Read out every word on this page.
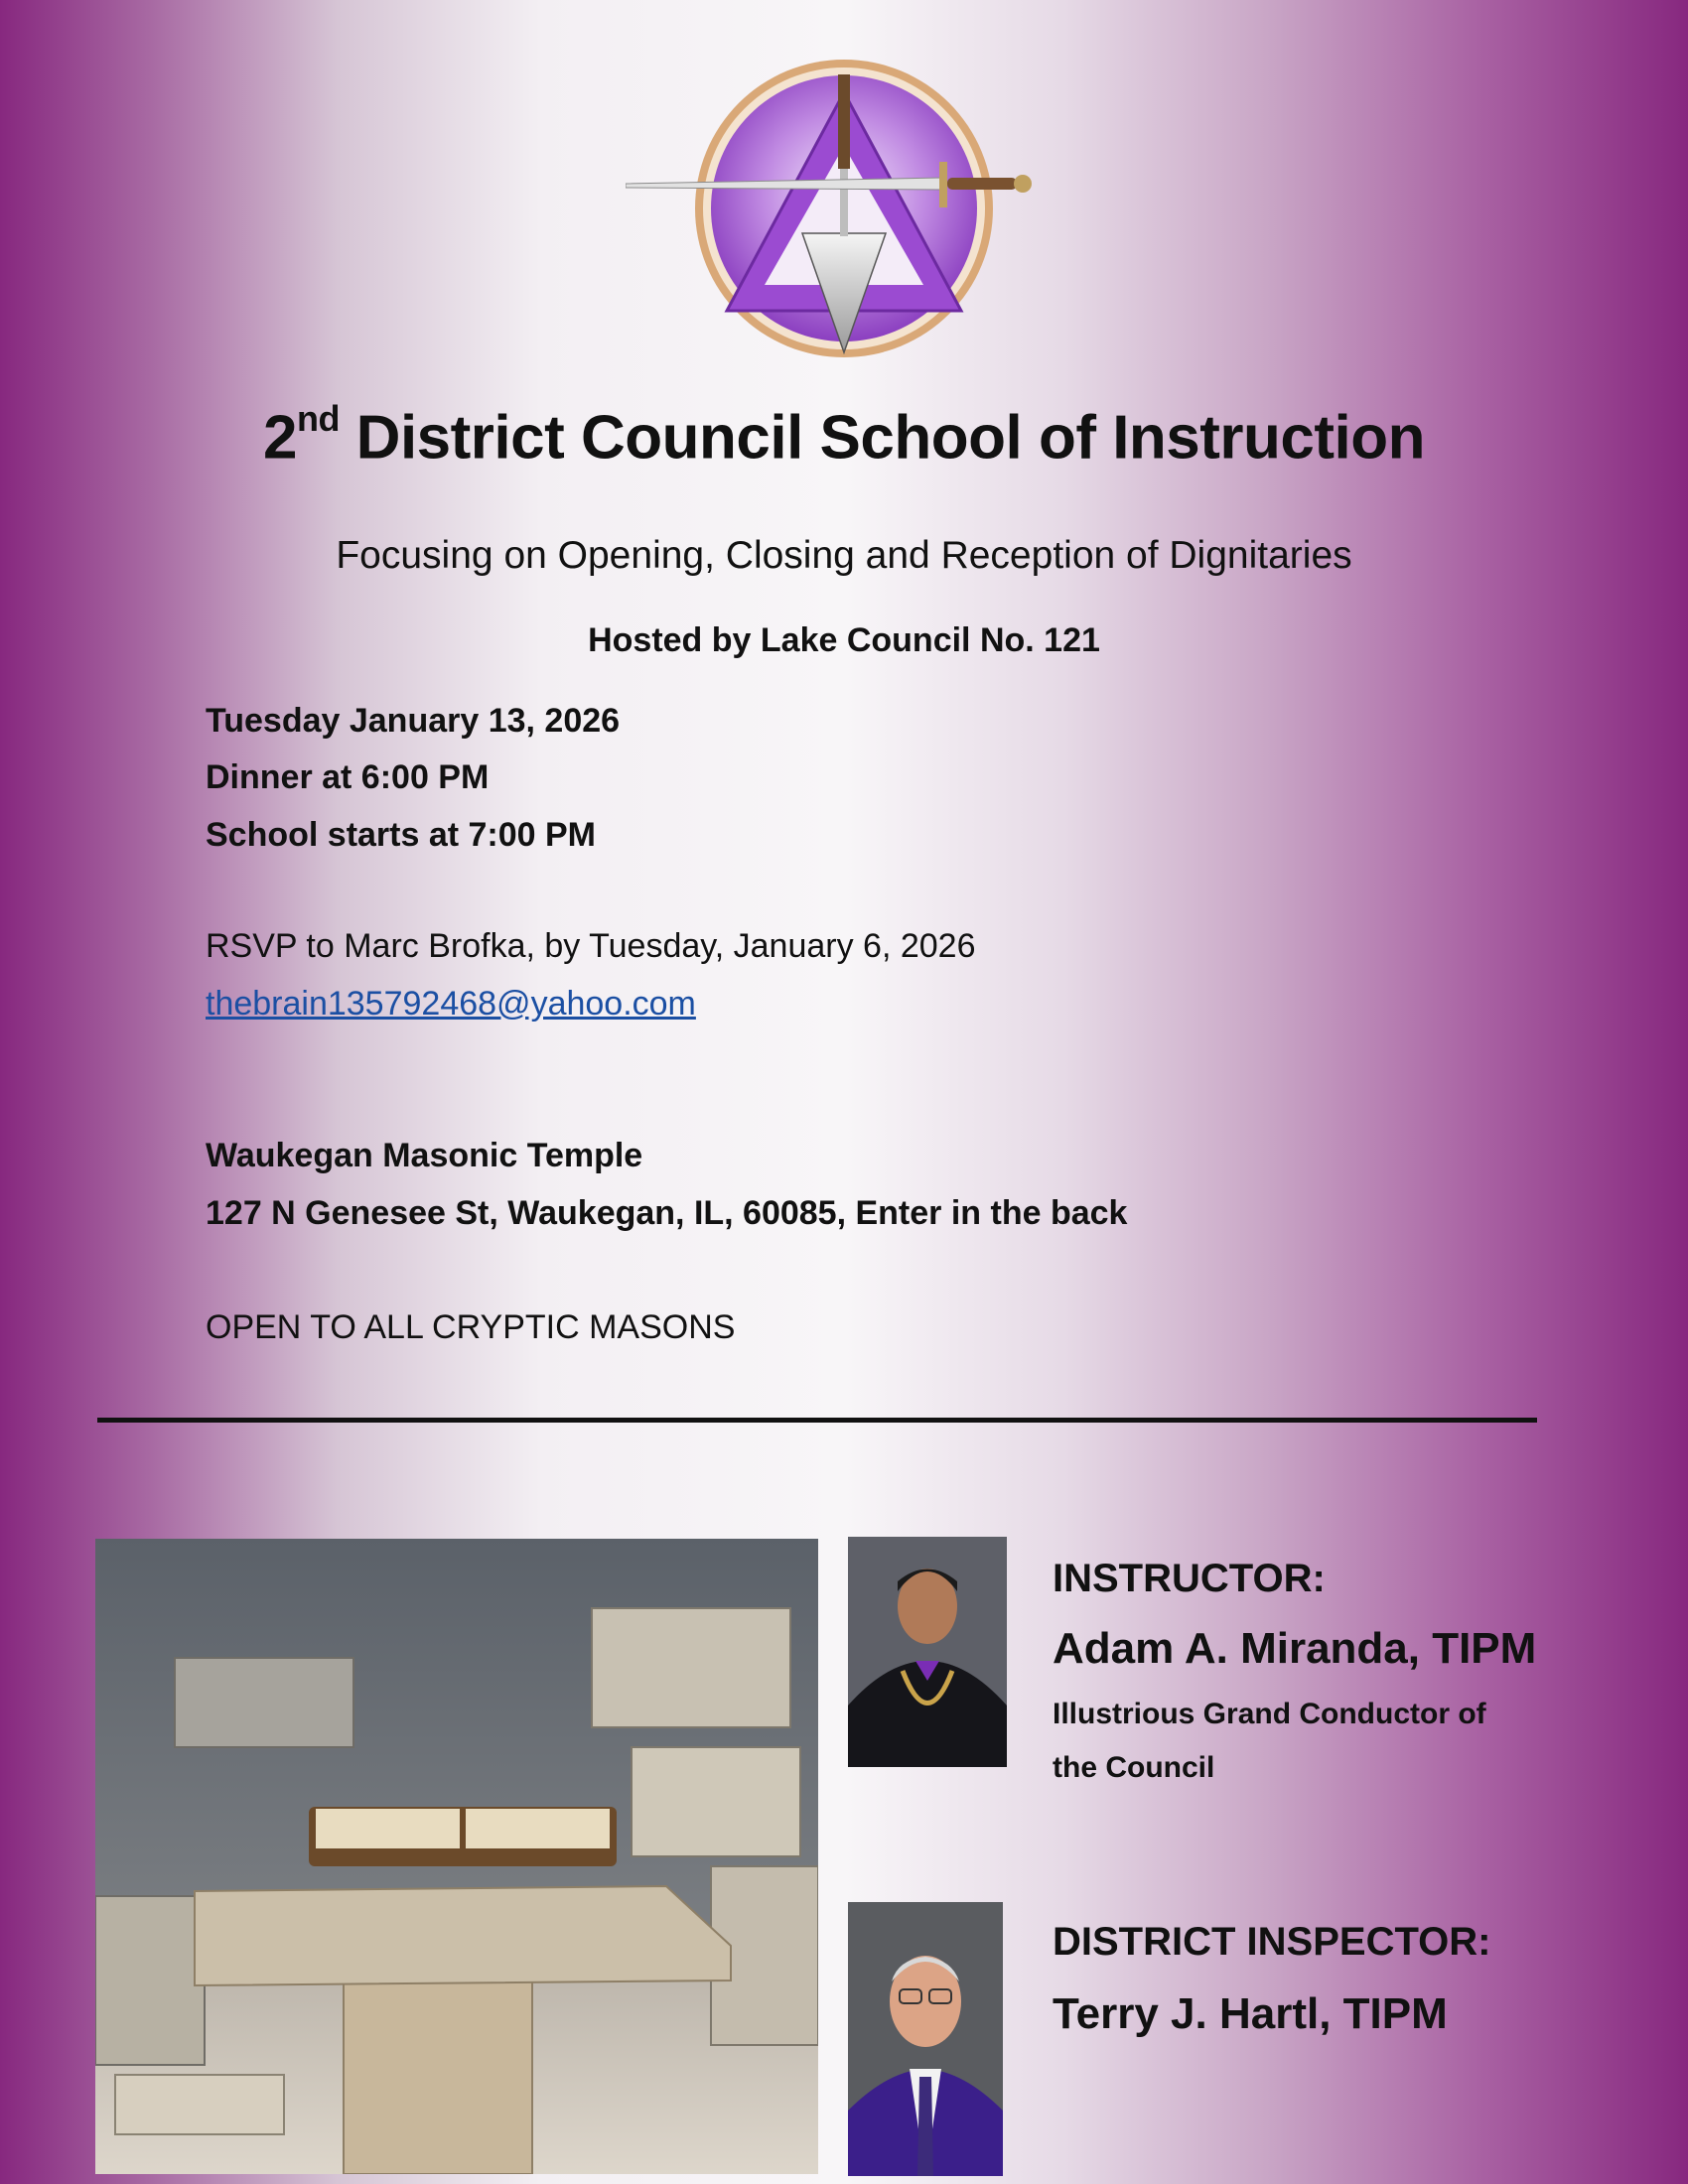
2nd District Council School of Instruction
Focusing on Opening, Closing and Reception of Dignitaries
Hosted by Lake Council No. 121
Tuesday January 13, 2026
Dinner at 6:00 PM
School starts at 7:00 PM
RSVP to Marc Brofka, by Tuesday, January 6, 2026
thebrain135792468@yahoo.com
Waukegan Masonic Temple
127 N Genesee St, Waukegan, IL, 60085, Enter in the back
OPEN TO ALL CRYPTIC MASONS
INSTRUCTOR:
Adam A. Miranda, TIPM
Illustrious Grand Conductor of
the Council
DISTRICT INSPECTOR:
Terry J. Hartl, TIPM
